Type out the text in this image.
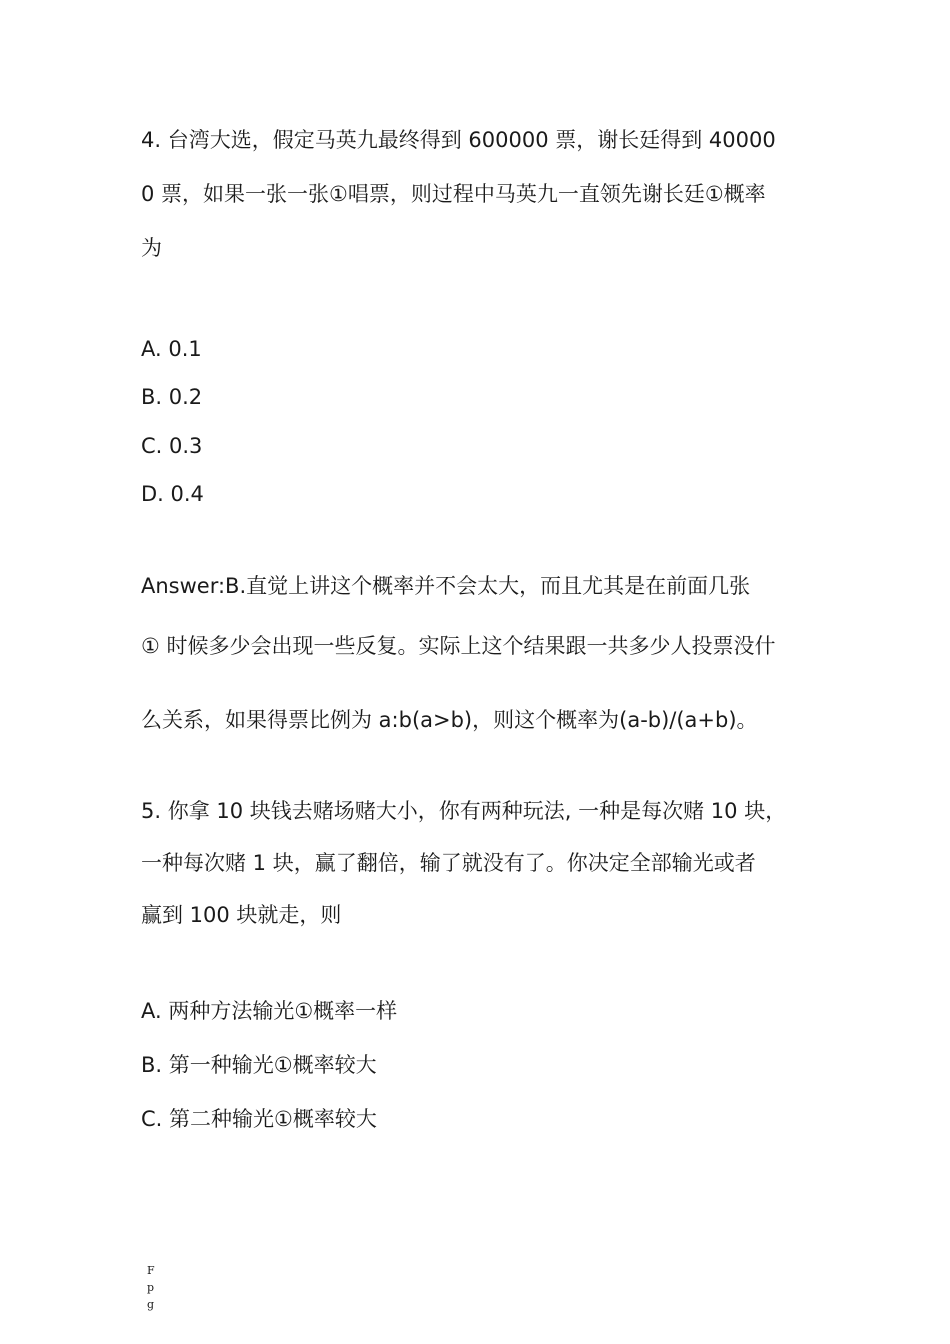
4. 台湾大选，假定马英九最终得到 600000 票，谢长廷得到 40000
0 票，如果一张一张①唱票，则过程中马英九一直领先谢长廷①概率
为
A. 0.1
B. 0.2
C. 0.3
D. 0.4
Answer:B.直觉上讲这个概率并不会太大，而且尤其是在前面几张
① 时候多少会出现一些反复。实际上这个结果跟一共多少人投票没什
么关系，如果得票比例为 a:b(a>b)，则这个概率为(a-b)/(a+b)。
5. 你拿 10 块钱去赌场赌大小，你有两种玩法, 一种是每次赌 10 块，
一种每次赌 1 块，赢了翻倍，输了就没有了。你决定全部输光或者
赢到 100 块就走，则
A. 两种方法输光①概率一样
B. 第一种输光①概率较大
C. 第二种输光①概率较大
Fpg
